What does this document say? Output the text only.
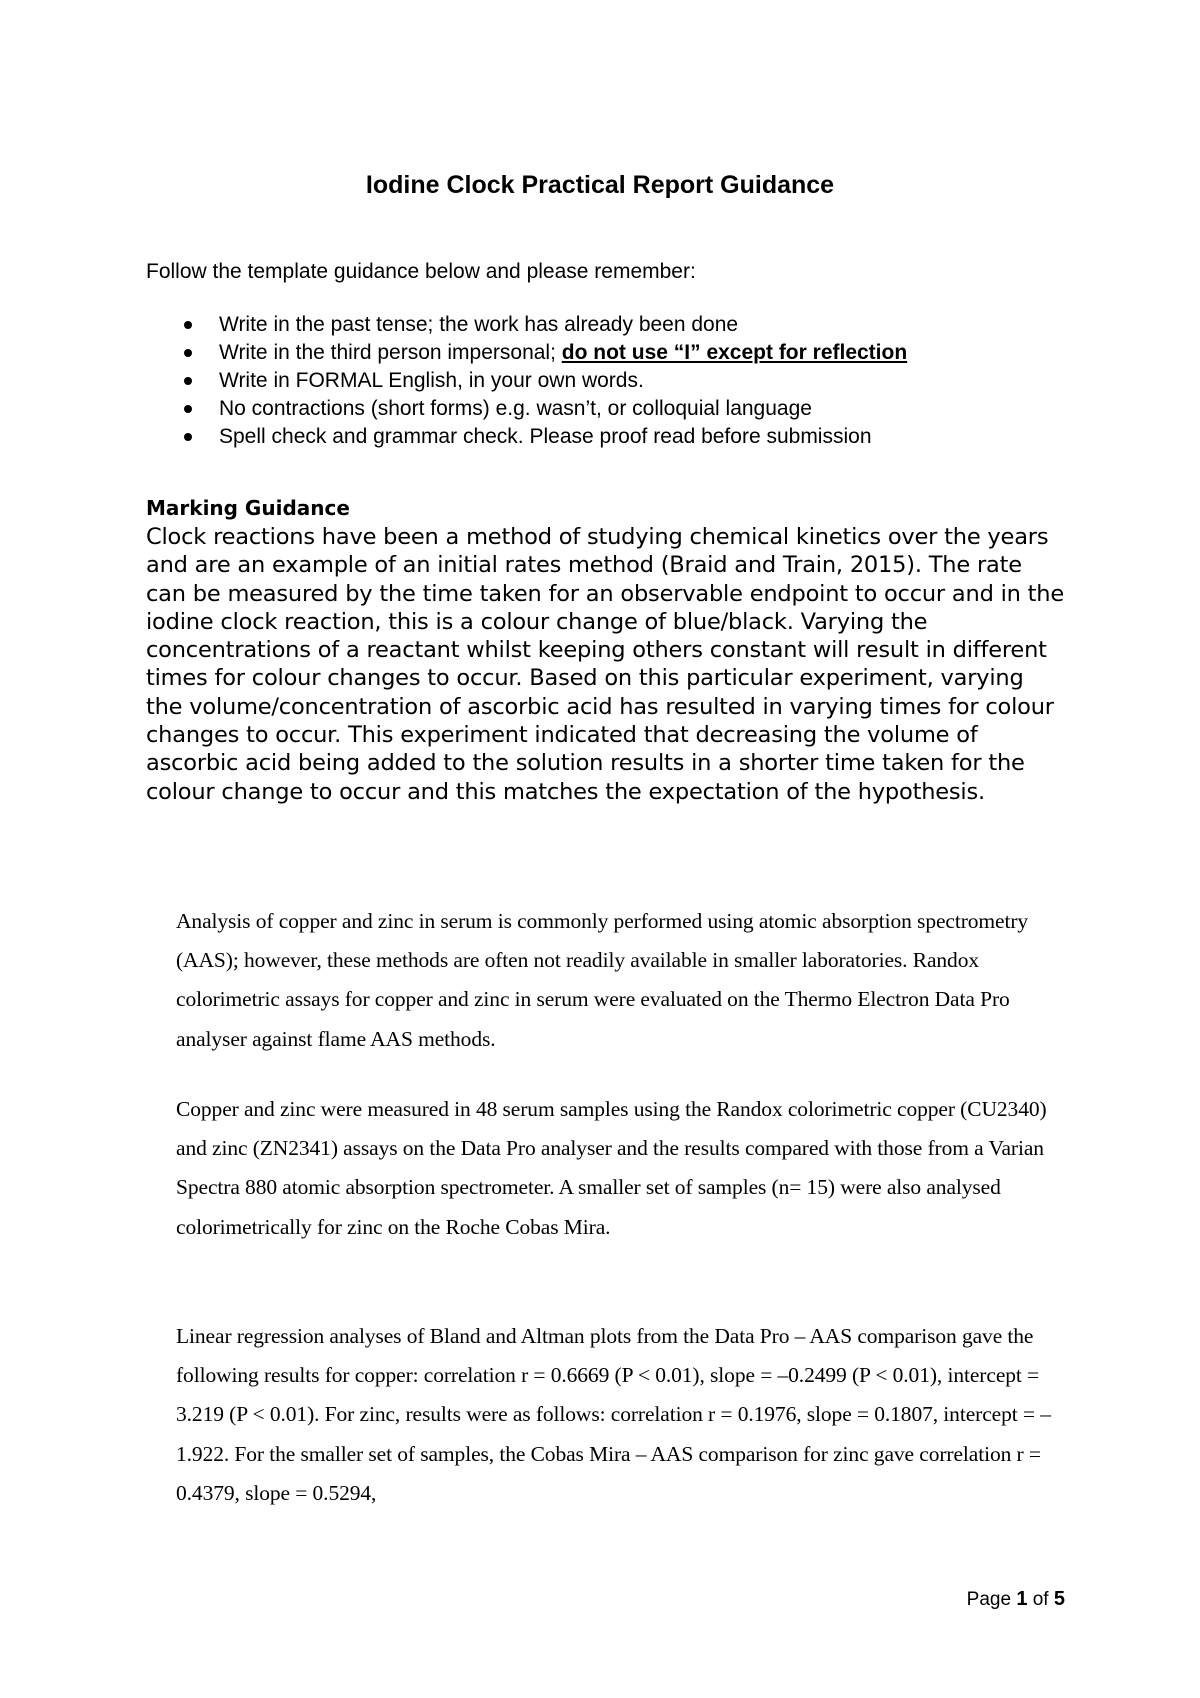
Iodine Clock Practical Report Guidance
Follow the template guidance below and please remember:
Write in the past tense; the work has already been done
Write in the third person impersonal; do not use “I” except for reflection
Write in FORMAL English, in your own words.
No contractions (short forms) e.g. wasn’t, or colloquial language
Spell check and grammar check. Please proof read before submission
Marking Guidance

Clock reactions have been a method of studying chemical kinetics over the years and are an example of an initial rates method (Braid and Train, 2015). The rate can be measured by the time taken for an observable endpoint to occur and in the iodine clock reaction, this is a colour change of blue/black. Varying the concentrations of a reactant whilst keeping others constant will result in different times for colour changes to occur. Based on this particular experiment, varying the volume/concentration of ascorbic acid has resulted in varying times for colour changes to occur. This experiment indicated that decreasing the volume of ascorbic acid being added to the solution results in a shorter time taken for the colour change to occur and this matches the expectation of the hypothesis.

Analysis of copper and zinc in serum is commonly performed using atomic absorption spectrometry (AAS); however, these methods are often not readily available in smaller laboratories. Randox colorimetric assays for copper and zinc in serum were evaluated on the Thermo Electron Data Pro analyser against flame AAS methods.

Copper and zinc were measured in 48 serum samples using the Randox colorimetric copper (CU2340) and zinc (ZN2341) assays on the Data Pro analyser and the results compared with those from a Varian Spectra 880 atomic absorption spectrometer. A smaller set of samples (n= 15) were also analysed colorimetrically for zinc on the Roche Cobas Mira.

Linear regression analyses of Bland and Altman plots from the Data Pro – AAS comparison gave the following results for copper: correlation r = 0.6669 (P < 0.01), slope = –0.2499 (P < 0.01), intercept = 3.219 (P < 0.01). For zinc, results were as follows: correlation r = 0.1976, slope = 0.1807, intercept = –1.922. For the smaller set of samples, the Cobas Mira – AAS comparison for zinc gave correlation r = 0.4379, slope = 0.5294,

Page 1 of 5
